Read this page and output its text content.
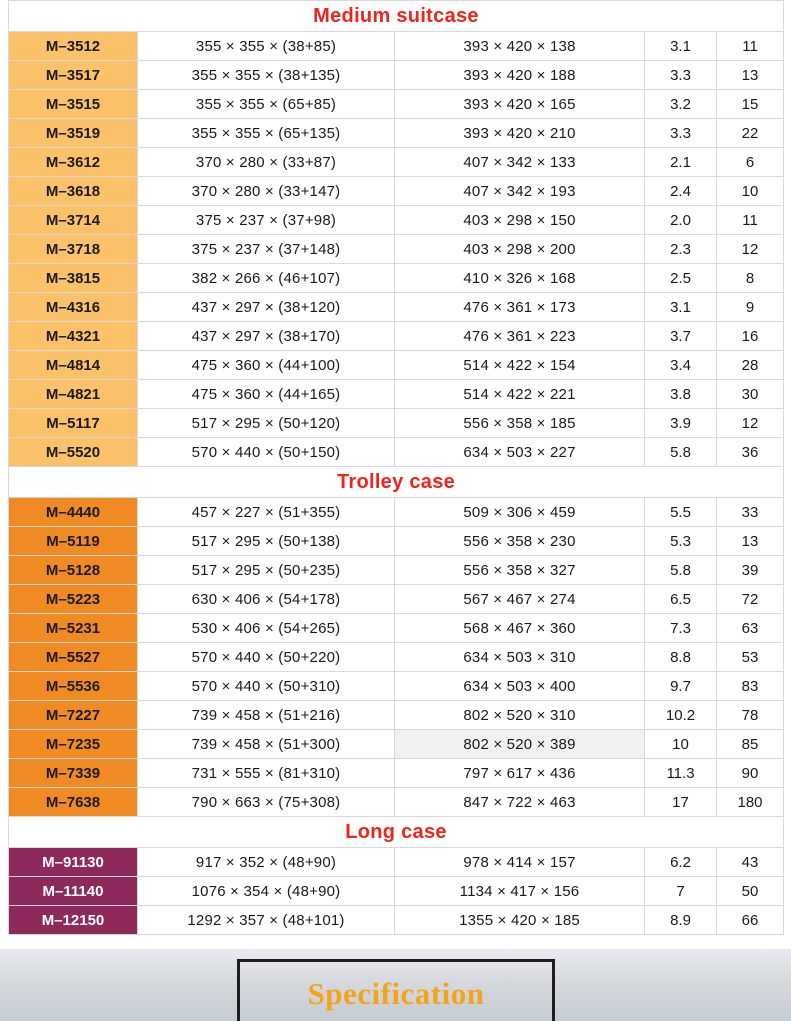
Medium suitcase				
M–3512	355 × 355 × (38+85)	393 × 420 × 138	3.1	11
M–3517	355 × 355 × (38+135)	393 × 420 × 188	3.3	13
M–3515	355 × 355 × (65+85)	393 × 420 × 165	3.2	15
M–3519	355 × 355 × (65+135)	393 × 420 × 210	3.3	22
M–3612	370 × 280 × (33+87)	407 × 342 × 133	2.1	6
M–3618	370 × 280 × (33+147)	407 × 342 × 193	2.4	10
M–3714	375 × 237 × (37+98)	403 × 298 × 150	2.0	11
M–3718	375 × 237 × (37+148)	403 × 298 × 200	2.3	12
M–3815	382 × 266 × (46+107)	410 × 326 × 168	2.5	8
M–4316	437 × 297 × (38+120)	476 × 361 × 173	3.1	9
M–4321	437 × 297 × (38+170)	476 × 361 × 223	3.7	16
M–4814	475 × 360 × (44+100)	514 × 422 × 154	3.4	28
M–4821	475 × 360 × (44+165)	514 × 422 × 221	3.8	30
M–5117	517 × 295 × (50+120)	556 × 358 × 185	3.9	12
M–5520	570 × 440 × (50+150)	634 × 503 × 227	5.8	36
Trolley case				
M–4440	457 × 227 × (51+355)	509 × 306 × 459	5.5	33
M–5119	517 × 295 × (50+138)	556 × 358 × 230	5.3	13
M–5128	517 × 295 × (50+235)	556 × 358 × 327	5.8	39
M–5223	630 × 406 × (54+178)	567 × 467 × 274	6.5	72
M–5231	530 × 406 × (54+265)	568 × 467 × 360	7.3	63
M–5527	570 × 440 × (50+220)	634 × 503 × 310	8.8	53
M–5536	570 × 440 × (50+310)	634 × 503 × 400	9.7	83
M–7227	739 × 458 × (51+216)	802 × 520 × 310	10.2	78
M–7235	739 × 458 × (51+300)	802 × 520 × 389	10	85
M–7339	731 × 555 × (81+310)	797 × 617 × 436	11.3	90
M–7638	790 × 663 × (75+308)	847 × 722 × 463	17	180
Long case				
M–91130	917 × 352 × (48+90)	978 × 414 × 157	6.2	43
M–11140	1076 × 354 × (48+90)	1134 × 417 × 156	7	50
M–12150	1292 × 357 × (48+101)	1355 × 420 × 185	8.9	66
Specification
